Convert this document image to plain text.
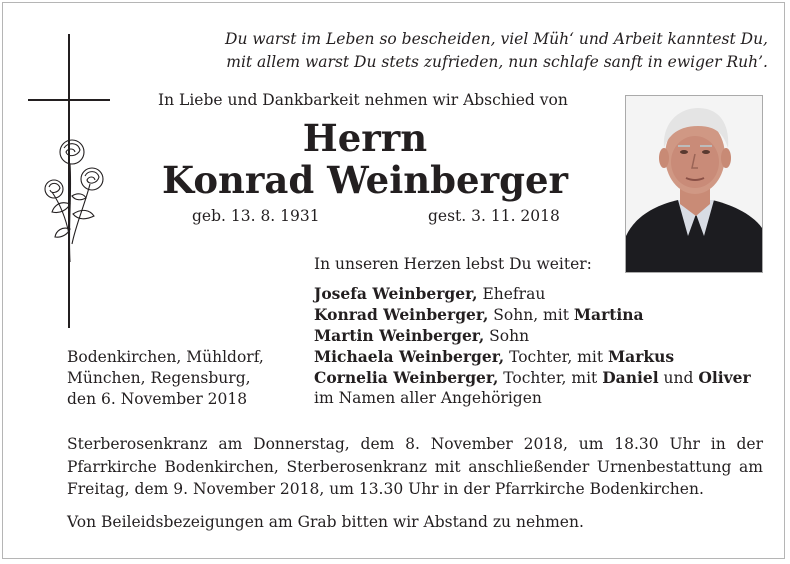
Du warst im Leben so bescheiden, viel Müh‘ und Arbeit kanntest Du,
mit allem warst Du stets zufrieden, nun schlafe sanft in ewiger Ruh’.
In Liebe und Dankbarkeit nehmen wir Abschied von
Herrn
Konrad Weinberger
geb. 13. 8. 1931	gest. 3. 11. 2018
In unseren Herzen lebst Du weiter:
Josefa Weinberger, Ehefrau
Konrad Weinberger, Sohn, mit Martina
Martin Weinberger, Sohn
Michaela Weinberger, Tochter, mit Markus
Cornelia Weinberger, Tochter, mit Daniel und Oliver
im Namen aller Angehörigen
Bodenkirchen, Mühldorf,
München, Regensburg,
den 6. November 2018
Sterberosenkranz am Donnerstag, dem 8. November 2018, um 18.30 Uhr in der Pfarrkirche Bodenkirchen, Sterberosenkranz mit anschließender Urnenbestattung am Freitag, dem 9. November 2018, um 13.30 Uhr in der Pfarrkirche Bodenkirchen.
Von Beileidsbezeigungen am Grab bitten wir Abstand zu nehmen.
